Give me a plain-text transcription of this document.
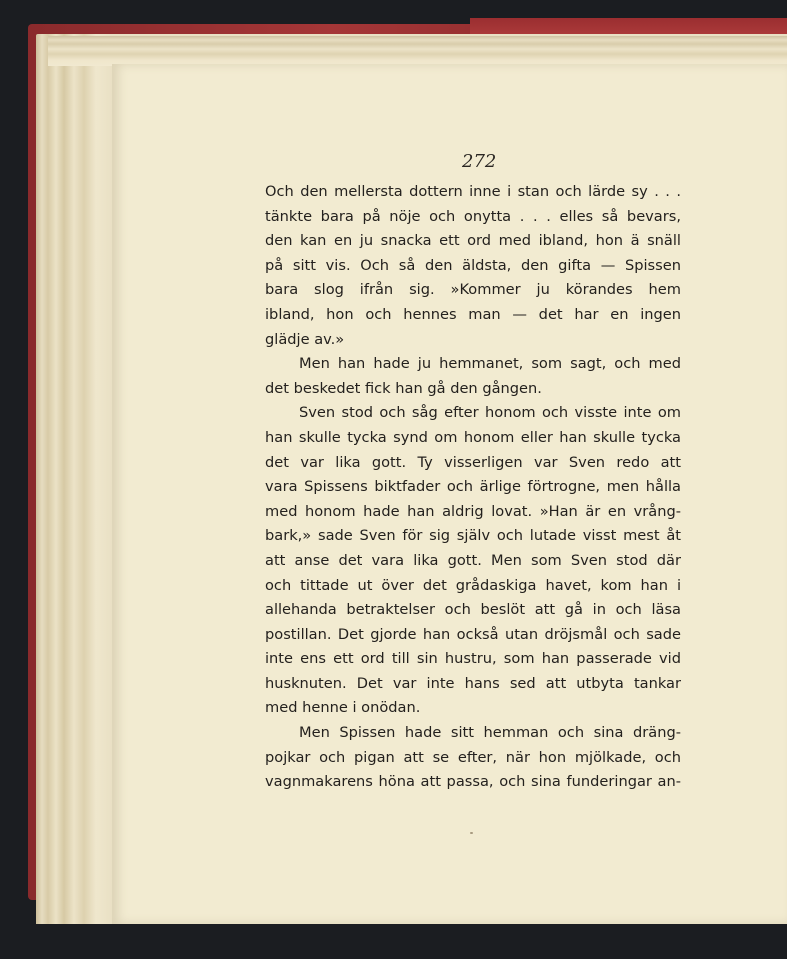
272
Och den mellersta dottern inne i stan och lärde sy . . .
tänkte bara på nöje och onytta . . . elles så bevars,
den kan en ju snacka ett ord med ibland, hon ä snäll
på sitt vis. Och så den äldsta, den gifta — Spissen
bara slog ifrån sig. »Kommer ju körandes hem
ibland, hon och hennes man — det har en ingen
glädje av.»
Men han hade ju hemmanet, som sagt, och med
det beskedet fick han gå den gången.
Sven stod och såg efter honom och visste inte om
han skulle tycka synd om honom eller han skulle tycka
det var lika gott. Ty visserligen var Sven redo att
vara Spissens biktfader och ärlige förtrogne, men hålla
med honom hade han aldrig lovat. »Han är en vrång-
bark,» sade Sven för sig själv och lutade visst mest åt
att anse det vara lika gott. Men som Sven stod där
och tittade ut över det grådaskiga havet, kom han i
allehanda betraktelser och beslöt att gå in och läsa
postillan. Det gjorde han också utan dröjsmål och sade
inte ens ett ord till sin hustru, som han passerade vid
husknuten. Det var inte hans sed att utbyta tankar
med henne i onödan.
Men Spissen hade sitt hemman och sina dräng-
pojkar och pigan att se efter, när hon mjölkade, och
vagnmakarens höna att passa, och sina funderingar an-
